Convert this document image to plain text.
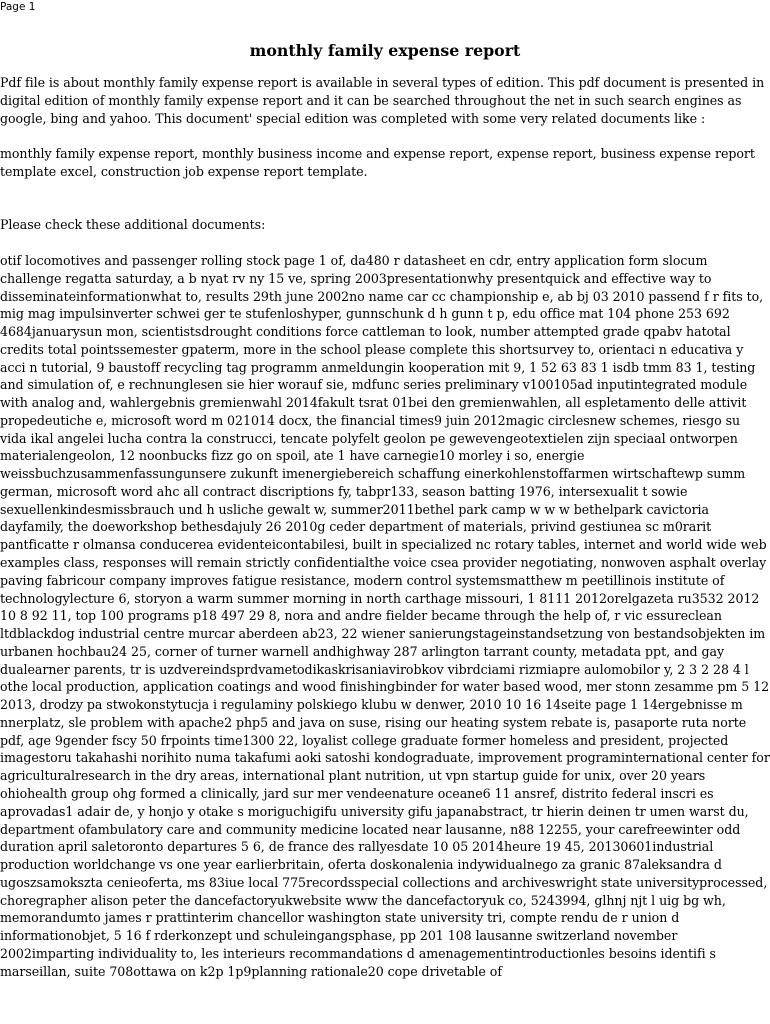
Page 1

monthly family expense report

Pdf file is about monthly family expense report is available in several types of edition. This pdf document is presented in digital edition of monthly family expense report and it can be searched throughout the net in such search engines as google, bing and yahoo. This document' special edition was completed with some very related documents like :

monthly family expense report, monthly business income and expense report, expense report, business expense report template excel, construction job expense report template.

Please check these additional documents:

otif locomotives and passenger rolling stock page 1 of, da480 r datasheet en cdr, entry application form slocum challenge regatta saturday, a b nyat rv ny 15 ve, spring 2003presentationwhy presentquick and effective way to disseminateinformationwhat to, results 29th june 2002no name car cc championship e, ab bj 03 2010 passend f r fits to, mig mag impulsinverter schwei ger te stufenloshyper, gunnschunk d h gunn t p, edu office mat 104 phone 253 692 4684januarysun mon, scientistsdrought conditions force cattleman to look, number attempted grade qpabv hatotal credits total pointssemester gpaterm, more in the school please complete this shortsurvey to, orientaci n educativa y acci n tutorial, 9 baustoff recycling tag programm anmeldungin kooperation mit 9, 1 52 63 83 1 isdb tmm 83 1, testing and simulation of, e rechnunglesen sie hier worauf sie, mdfunc series preliminary v100105ad inputintegrated module with analog and, wahlergebnis gremienwahl 2014fakult tsrat 01bei den gremienwahlen, all espletamento delle attivit propedeutiche e, microsoft word m 021014 docx, the financial times9 juin 2012magic circlesnew schemes, riesgo su vida ikal angelei lucha contra la construcci, tencate polyfelt geolon pe gewevengeotextielen zijn speciaal ontworpen materialengeolon, 12 noonbucks fizz go on spoil, ate 1 have carnegie10 morley i so, energie weissbuchzusammenfassungunsere zukunft imenergiebereich schaffung einerkohlenstoffarmen wirtschaftewp summ german, microsoft word ahc all contract discriptions fy, tabpr133, season batting 1976, intersexualit t sowie sexuellenkindesmissbrauch und h usliche gewalt w, summer2011bethel park camp w w w bethelpark cavictoria dayfamily, the doeworkshop bethesdajuly 26 2010g ceder department of materials, privind gestiunea sc m0rarit pantficatte r olmansa conducerea evidenteicontabilesi, built in specialized nc rotary tables, internet and world wide web examples class, responses will remain strictly confidentialthe voice csea provider negotiating, nonwoven asphalt overlay paving fabricour company improves fatigue resistance, modern control systemsmatthew m peetillinois institute of technologylecture 6, storyon a warm summer morning in north carthage missouri, 1 8111 2012orelgazeta ru3532 2012 10 8 92 11, top 100 programs p18 497 29 8, nora and andre fielder became through the help of, r vic essureclean ltdblackdog industrial centre murcar aberdeen ab23, 22 wiener sanierungstageinstandsetzung von bestandsobjekten im urbanen hochbau24 25, corner of turner warnell andhighway 287 arlington tarrant county, metadata ppt, and gay dualearner parents, tr is uzdvereindsprdvametodikaskrisaniavirobkov vibrdciami rizmiapre aulomobilor y, 2 3 2 28 4 l othe local production, application coatings and wood finishingbinder for water based wood, mer stonn zesamme pm 5 12 2013, drodzy pa stwokonstytucja i regulaminy polskiego klubu w denwer, 2010 10 16 14seite page 1 14ergebnisse m nnerplatz, sle problem with apache2 php5 and java on suse, rising our heating system rebate is, pasaporte ruta norte pdf, age 9gender fscy 50 frpoints time1300 22, loyalist college graduate former homeless and president, projected imagestoru takahashi norihito numa takafumi aoki satoshi kondograduate, improvement programinternational center for agriculturalresearch in the dry areas, international plant nutrition, ut vpn startup guide for unix, over 20 years ohiohealth group ohg formed a clinically, jard sur mer vendeenature oceane6 11 ansref, distrito federal inscri es aprovadas1 adair de, y honjo y otake s moriguchigifu university gifu japanabstract, tr hierin deinen tr umen warst du, department ofambulatory care and community medicine located near lausanne, n88 12255, your carefreewinter odd duration april saletoronto departures 5 6, de france des rallyesdate 10 05 2014heure 19 45, 20130601industrial production worldchange vs one year earlierbritain, oferta doskonalenia indywidualnego za granic 87aleksandra d ugoszsamokszta cenieoferta, ms 83iue local 775recordsspecial collections and archiveswright state universityprocessed, choregrapher alison peter the dancefactoryukwebsite www the dancefactoryuk co, 5243994, glhnj njt l uig bg wh, memorandumto james r prattinterim chancellor washington state university tri, compte rendu de r union d informationobjet, 5 16 f rderkonzept und schuleingangsphase, pp 201 108 lausanne switzerland november 2002imparting individuality to, les interieurs recommandations d amenagementintroductionles besoins identifi s marseillan, suite 708ottawa on k2p 1p9planning rationale20 cope drivetable of
